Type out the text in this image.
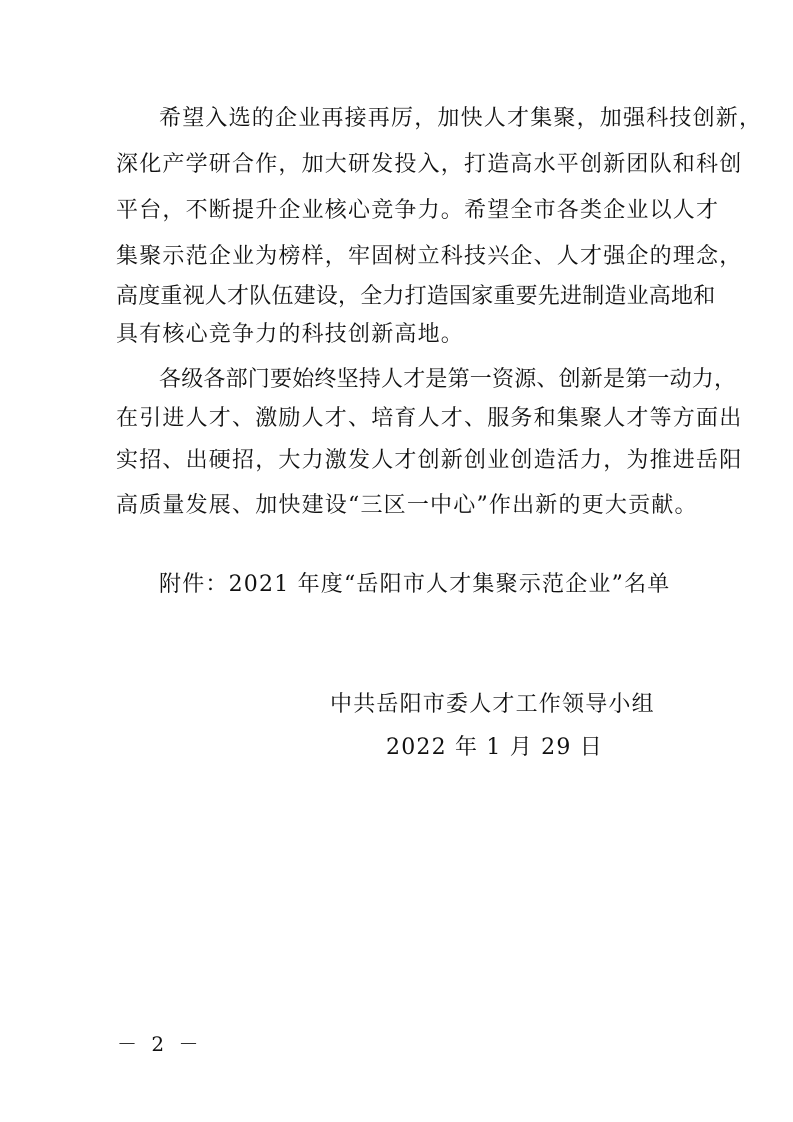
希望入选的企业再接再厉，加快人才集聚，加强科技创新，
深化产学研合作，加大研发投入，打造高水平创新团队和科创
平台，不断提升企业核心竞争力。希望全市各类企业以人才
集聚示范企业为榜样，牢固树立科技兴企、人才强企的理念，
高度重视人才队伍建设，全力打造国家重要先进制造业高地和
具有核心竞争力的科技创新高地。
各级各部门要始终坚持人才是第一资源、创新是第一动力，
在引进人才、激励人才、培育人才、服务和集聚人才等方面出
实招、出硬招，大力激发人才创新创业创造活力，为推进岳阳
高质量发展、加快建设“三区一中心”作出新的更大贡献。
附件：2021 年度“岳阳市人才集聚示范企业”名单
中共岳阳市委人才工作领导小组
2022 年 1 月 29 日
－ 2 －
